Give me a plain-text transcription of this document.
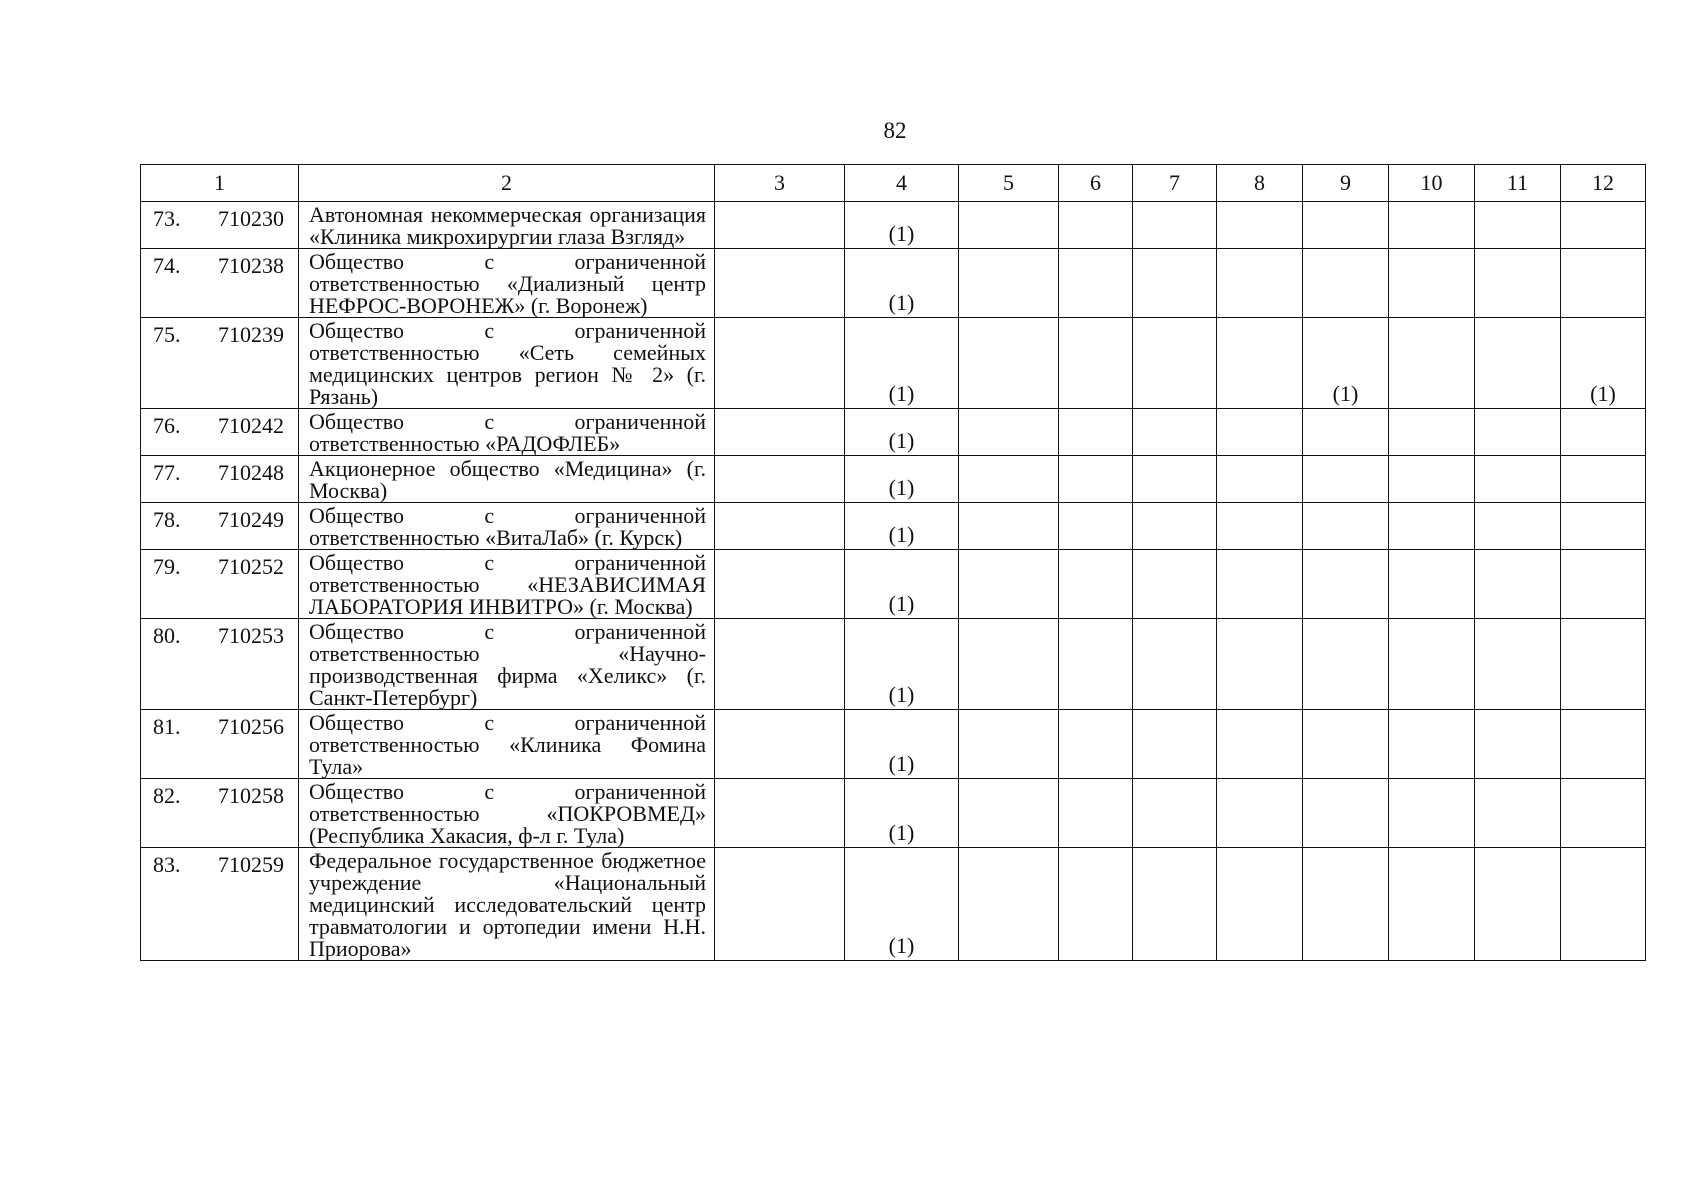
82
1	2	3	4	5	6	7	8	9	10	11	12

73. 710230	Автономная некоммерческая организация «Клиника микрохирургии глаза Взгляд»		(1)								

74. 710238	Общество с ограниченной ответственностью «Диализный центр НЕФРОС-ВОРОНЕЖ» (г. Воронеж)		(1)								

75. 710239	Общество с ограниченной ответственностью «Сеть семейных медицинских центров регион № 2» (г. Рязань)		(1)					(1)			(1)

76. 710242	Общество с ограниченной ответственностью «РАДОФЛЕБ»		(1)								

77. 710248	Акционерное общество «Медицина» (г. Москва)		(1)								

78. 710249	Общество с ограниченной ответственностью «ВитаЛаб» (г. Курск)		(1)								

79. 710252	Общество с ограниченной ответственностью «НЕЗАВИСИМАЯ ЛАБОРАТОРИЯ ИНВИТРО» (г. Москва)		(1)								

80. 710253	Общество с ограниченной ответственностью «Научно-производственная фирма «Хеликс» (г. Санкт-Петербург)		(1)								

81. 710256	Общество с ограниченной ответственностью «Клиника Фомина Тула»		(1)								

82. 710258	Общество с ограниченной ответственностью «ПОКРОВМЕД» (Республика Хакасия, ф-л г. Тула)		(1)								

83. 710259	Федеральное государственное бюджетное учреждение «Национальный медицинский исследовательский центр травматологии и ортопедии имени Н.Н. Приорова»		(1)								
